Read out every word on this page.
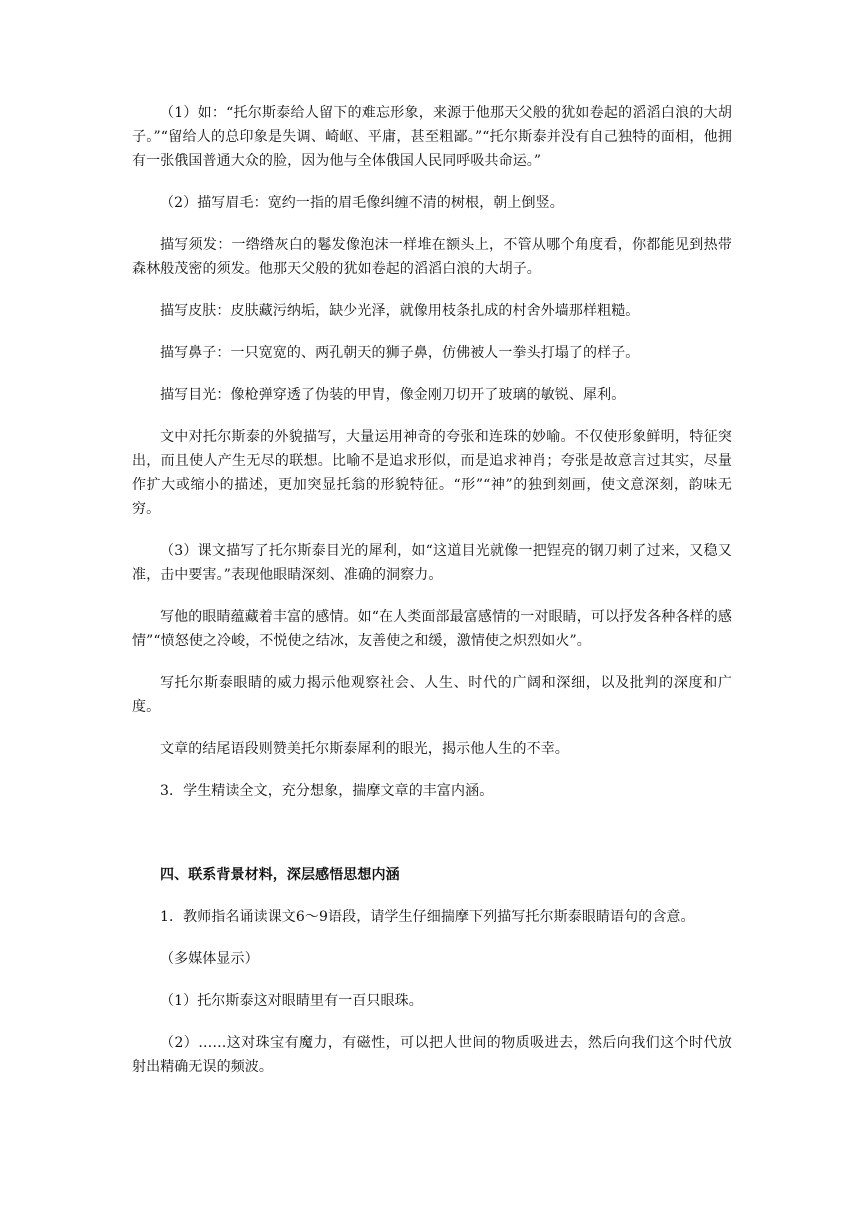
（1）如：“托尔斯泰给人留下的难忘形象，来源于他那天父般的犹如卷起的滔滔白浪的大胡子。”“留给人的总印象是失调、崎岖、平庸，甚至粗鄙。”“托尔斯泰并没有自己独特的面相，他拥有一张俄国普通大众的脸，因为他与全体俄国人民同呼吸共命运。”

（2）描写眉毛：宽约一指的眉毛像纠缠不清的树根，朝上倒竖。

描写须发：一绺绺灰白的鬈发像泡沫一样堆在额头上，不管从哪个角度看，你都能见到热带森林般茂密的须发。他那天父般的犹如卷起的滔滔白浪的大胡子。

描写皮肤：皮肤藏污纳垢，缺少光泽，就像用枝条扎成的村舍外墙那样粗糙。

描写鼻子：一只宽宽的、两孔朝天的狮子鼻，仿佛被人一拳头打塌了的样子。

描写目光：像枪弹穿透了伪装的甲胄，像金刚刀切开了玻璃的敏锐、犀利。

文中对托尔斯泰的外貌描写，大量运用神奇的夸张和连珠的妙喻。不仅使形象鲜明，特征突出，而且使人产生无尽的联想。比喻不是追求形似，而是追求神肖；夸张是故意言过其实，尽量作扩大或缩小的描述，更加突显托翁的形貌特征。“形”“神”的独到刻画，使文意深刻，韵味无穷。

（3）课文描写了托尔斯泰目光的犀利，如“这道目光就像一把锃亮的钢刀刺了过来，又稳又准，击中要害。”表现他眼睛深刻、准确的洞察力。

写他的眼睛蕴藏着丰富的感情。如“在人类面部最富感情的一对眼睛，可以抒发各种各样的感情”“愤怒使之冷峻，不悦使之结冰，友善使之和缓，激情使之炽烈如火”。

写托尔斯泰眼睛的威力揭示他观察社会、人生、时代的广阔和深细，以及批判的深度和广度。

文章的结尾语段则赞美托尔斯泰犀利的眼光，揭示他人生的不幸。

3．学生精读全文，充分想象，揣摩文章的丰富内涵。

四、联系背景材料，深层感悟思想内涵

1．教师指名诵读课文6～9语段，请学生仔细揣摩下列描写托尔斯泰眼睛语句的含意。

（多媒体显示）

（1）托尔斯泰这对眼睛里有一百只眼珠。

（2）……这对珠宝有魔力，有磁性，可以把人世间的物质吸进去，然后向我们这个时代放射出精确无误的频波。
